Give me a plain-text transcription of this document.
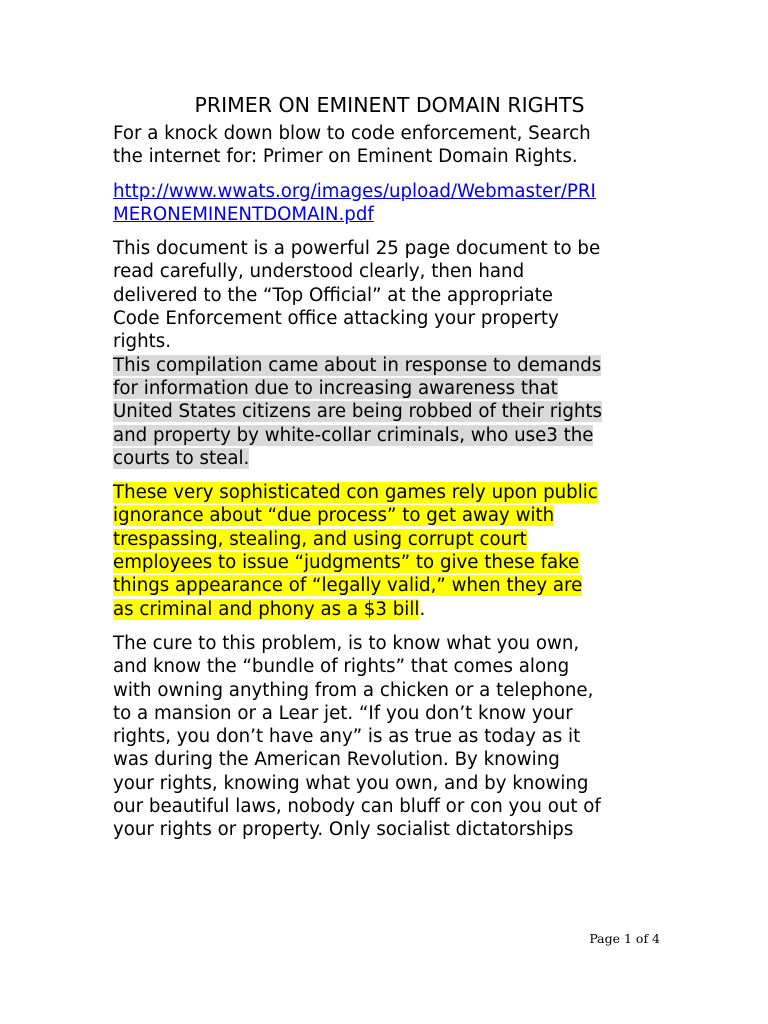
PRIMER ON EMINENT DOMAIN RIGHTS

For a knock down blow to code enforcement, Search
the internet for: Primer on Eminent Domain Rights.

http://www.wwats.org/images/upload/Webmaster/PRI
MERONEMINENTDOMAIN.pdf

This document is a powerful 25 page document to be
read carefully, understood clearly, then hand
delivered to the “Top Official” at the appropriate
Code Enforcement office attacking your property
rights.

This compilation came about in response to demands
for information due to increasing awareness that
United States citizens are being robbed of their rights
and property by white-collar criminals, who use3 the
courts to steal.

These very sophisticated con games rely upon public
ignorance about “due process” to get away with
trespassing, stealing, and using corrupt court
employees to issue “judgments” to give these fake
things appearance of “legally valid,” when they are
as criminal and phony as a $3 bill.

The cure to this problem, is to know what you own,
and know the “bundle of rights” that comes along
with owning anything from a chicken or a telephone,
to a mansion or a Lear jet. “If you don’t know your
rights, you don’t have any” is as true as today as it
was during the American Revolution. By knowing
your rights, knowing what you own, and by knowing
our beautiful laws, nobody can bluff or con you out of
your rights or property. Only socialist dictatorships

Page 1 of 4
